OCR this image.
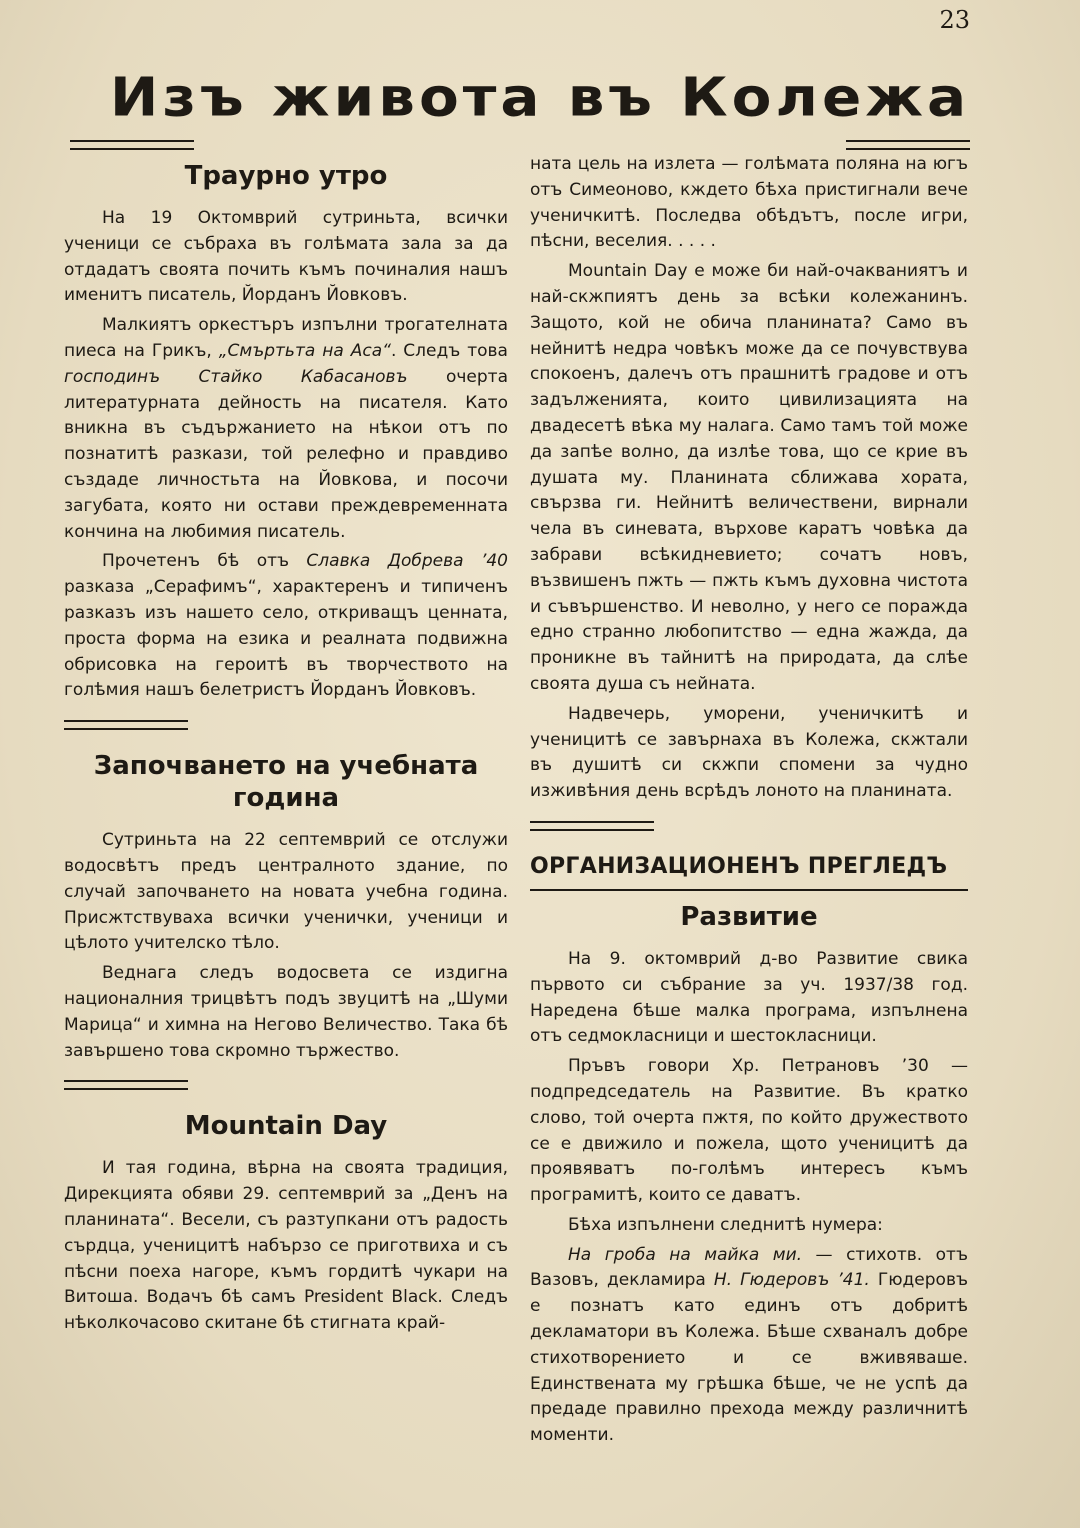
23
Изъ живота въ Колежа
Траурно утро

На 19 Октомврий сутриньта, всички ученици се събраха въ голѣмата зала за да отдадатъ своята почить къмъ починалия нашъ именитъ писатель, Йорданъ Йовковъ.

Малкиятъ оркестъръ изпълни трогателната пиеса на Грикъ, „Смъртьта на Аса“. Следъ това господинъ Стайко Кабасановъ очерта литературната дейность на писателя. Като вникна въ съдържанието на нѣкои отъ по познатитѣ разкази, той релефно и правдиво създаде личностьта на Йовкова, и посочи загубата, която ни остави преждевременната кончина на любимия писатель.

Прочетенъ бѣ отъ Славка Добрева ’40 разказа „Серафимъ“, характеренъ и типиченъ разказъ изъ нашето село, откриващъ ценната, проста форма на езика и реалната подвижна обрисовка на героитѣ въ творчеството на голѣмия нашъ белетристъ Йорданъ Йовковъ.

Започването на учебната година

Сутриньта на 22 септемврий се отслужи водосвѣтъ предъ централното здание, по случай започването на новата учебна година. Присжтствуваха всички ученички, ученици и цѣлото учителско тѣло.

Веднага следъ водосвета се издигна националния трицвѣтъ подъ звуцитѣ на „Шуми Марица“ и химна на Негово Величество. Така бѣ завършено това скромно тържество.

Mountain Day

И тая година, вѣрна на своята традиция, Дирекцията обяви 29. септемврий за „Денъ на планината“. Весели, съ разтупкани отъ радость сърдца, ученицитѣ набързо се приготвиха и съ пѣсни поеха нагоре, къмъ гордитѣ чукари на Витоша. Водачъ бѣ самъ President Black. Следъ нѣколкочасово скитане бѣ стигната край-

ната цель на излета — голѣмата поляна на югъ отъ Симеоново, кждето бѣха пристигнали вече ученичкитѣ. Последва обѣдътъ, после игри, пѣсни, веселия. . . . .

Mountain Day е може би най-очакваниятъ и най-скжпиятъ день за всѣки колежанинъ. Защото, кой не обича планината? Само въ нейнитѣ недра човѣкъ може да се почувствува спокоенъ, далечъ отъ прашнитѣ градове и отъ задълженията, които цивилизацията на двадесетѣ вѣка му налага. Само тамъ той може да запѣе волно, да излѣе това, що се крие въ душата му. Планината сближава хората, свързва ги. Нейнитѣ величествени, вирнали чела въ синевата, върхове каратъ човѣка да забрави всѣкидневието; сочатъ новъ, възвишенъ пжть — пжть къмъ духовна чистота и съвършенство. И неволно, у него се поражда едно странно любопитство — една жажда, да проникне въ тайнитѣ на природата, да слѣе своята душа съ нейната.

Надвечерь, уморени, ученичкитѣ и ученицитѣ се завърнаха въ Колежа, скжтали въ душитѣ си скжпи спомени за чудно изживѣния день всрѣдъ лоното на планината.

ОРГАНИЗАЦИОНЕНЪ ПРЕГЛЕДЪ
Развитие

На 9. октомврий д-во Развитие свика първото си събрание за уч. 1937/38 год. Наредена бѣше малка програма, изпълнена отъ седмокласници и шестокласници.

Пръвъ говори Хр. Петрановъ ’30 — подпредседатель на Развитие. Въ кратко слово, той очерта пжтя, по който дружеството се е движило и пожела, щото ученицитѣ да проявяватъ по-голѣмъ интересъ къмъ програмитѣ, които се даватъ.

Бѣха изпълнени следнитѣ нумера:

На гроба на майка ми. — стихотв. отъ Вазовъ, декламира Н. Гюдеровъ ’41. Гюдеровъ е познатъ като единъ отъ добритѣ декламатори въ Колежа. Бѣше схваналъ добре стихотворението и се вживяваше. Единствената му грѣшка бѣше, че не успѣ да предаде правилно прехода между различнитѣ моменти.
